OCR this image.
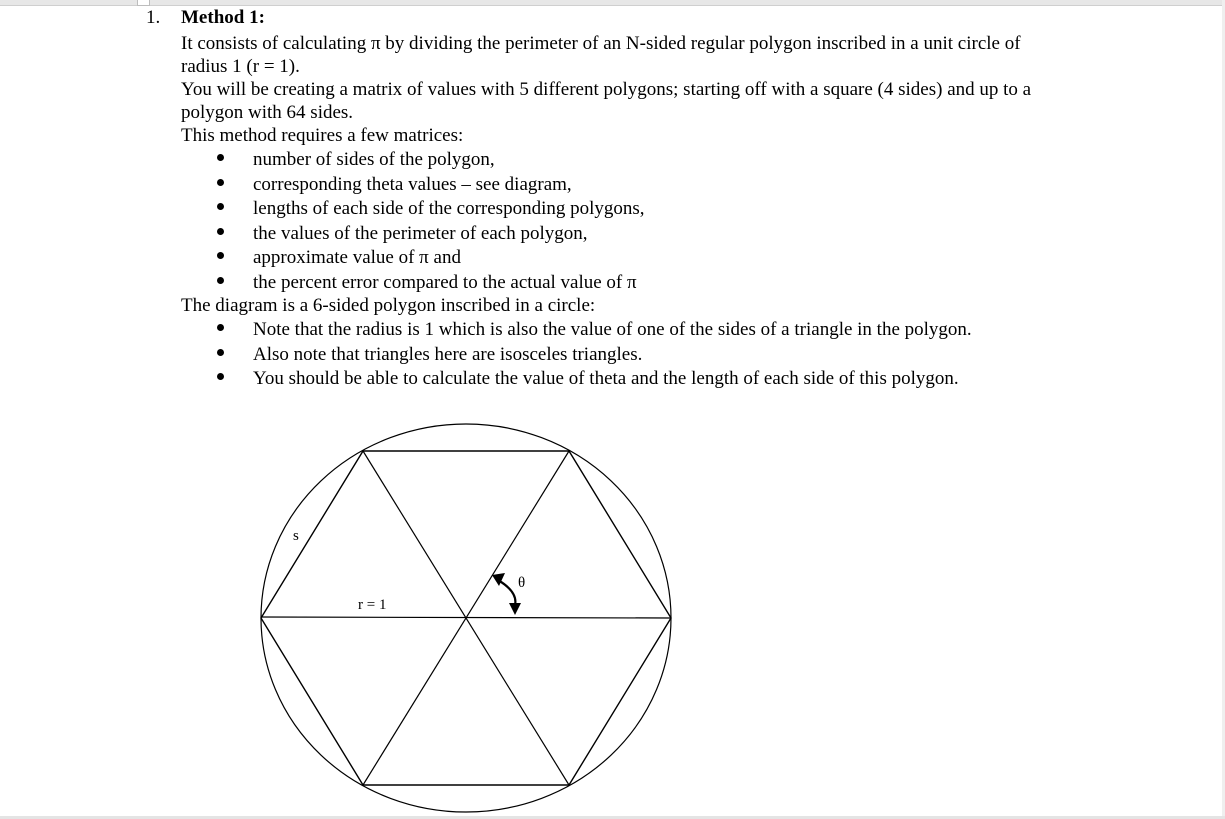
1. Method 1:
It consists of calculating π by dividing the perimeter of an N-sided regular polygon inscribed in a unit circle of
radius 1 (r = 1).
You will be creating a matrix of values with 5 different polygons; starting off with a square (4 sides) and up to a
polygon with 64 sides.
This method requires a few matrices:
number of sides of the polygon,
corresponding theta values – see diagram,
lengths of each side of the corresponding polygons,
the values of the perimeter of each polygon,
approximate value of π and
the percent error compared to the actual value of π
The diagram is a 6-sided polygon inscribed in a circle:
Note that the radius is 1 which is also the value of one of the sides of a triangle in the polygon.
Also note that triangles here are isosceles triangles.
You should be able to calculate the value of theta and the length of each side of this polygon.
s
r = 1
θ
